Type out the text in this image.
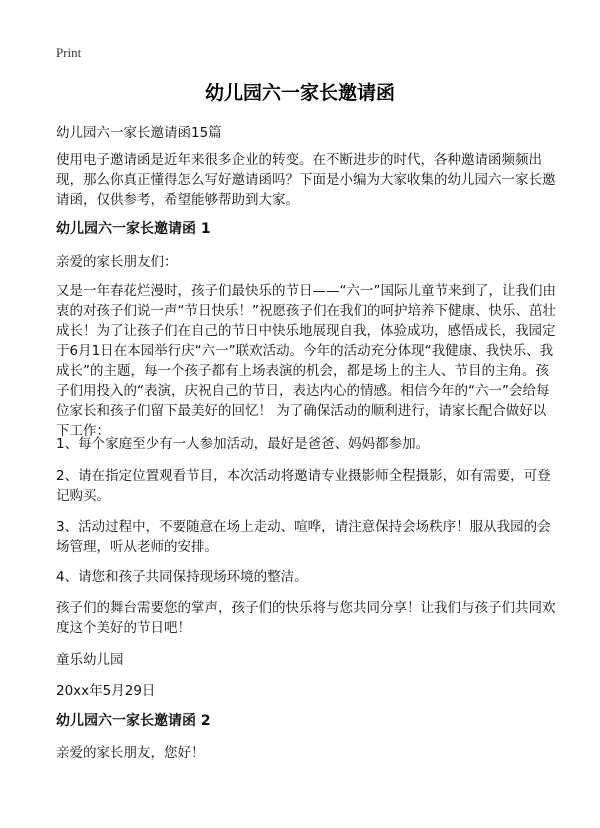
Print
幼儿园六一家长邀请函
幼儿园六一家长邀请函15篇

使用电子邀请函是近年来很多企业的转变。在不断进步的时代，各种邀请函频频出现，那么你真正懂得怎么写好邀请函吗？下面是小编为大家收集的幼儿园六一家长邀请函，仅供参考，希望能够帮助到大家。

幼儿园六一家长邀请函 1
亲爱的家长朋友们：

又是一年春花烂漫时，孩子们最快乐的节日——“六一”国际儿童节来到了，让我们由衷的对孩子们说一声“节日快乐！”祝愿孩子们在我们的呵护培养下健康、快乐、茁壮成长！为了让孩子们在自己的节日中快乐地展现自我，体验成功，感悟成长，我园定于6月1日在本园举行庆“六一”联欢活动。今年的活动充分体现“我健康、我快乐、我成长”的主题，每一个孩子都有上场表演的机会，都是场上的主人、节目的主角。孩子们用投入的“表演，庆祝自己的节日，表达内心的情感。相信今年的“六一”会给每位家长和孩子们留下最美好的回忆！ 为了确保活动的顺利进行，请家长配合做好以下工作：

1、每个家庭至少有一人参加活动，最好是爸爸、妈妈都参加。

2、请在指定位置观看节目，本次活动将邀请专业摄影师全程摄影，如有需要，可登记购买。

3、活动过程中，不要随意在场上走动、喧哗，请注意保持会场秩序！服从我园的会场管理，听从老师的安排。

4、请您和孩子共同保持现场环境的整洁。

孩子们的舞台需要您的掌声，孩子们的快乐将与您共同分享！让我们与孩子们共同欢度这个美好的节日吧！

童乐幼儿园
20xx年5月29日
幼儿园六一家长邀请函 2
亲爱的家长朋友，您好！
